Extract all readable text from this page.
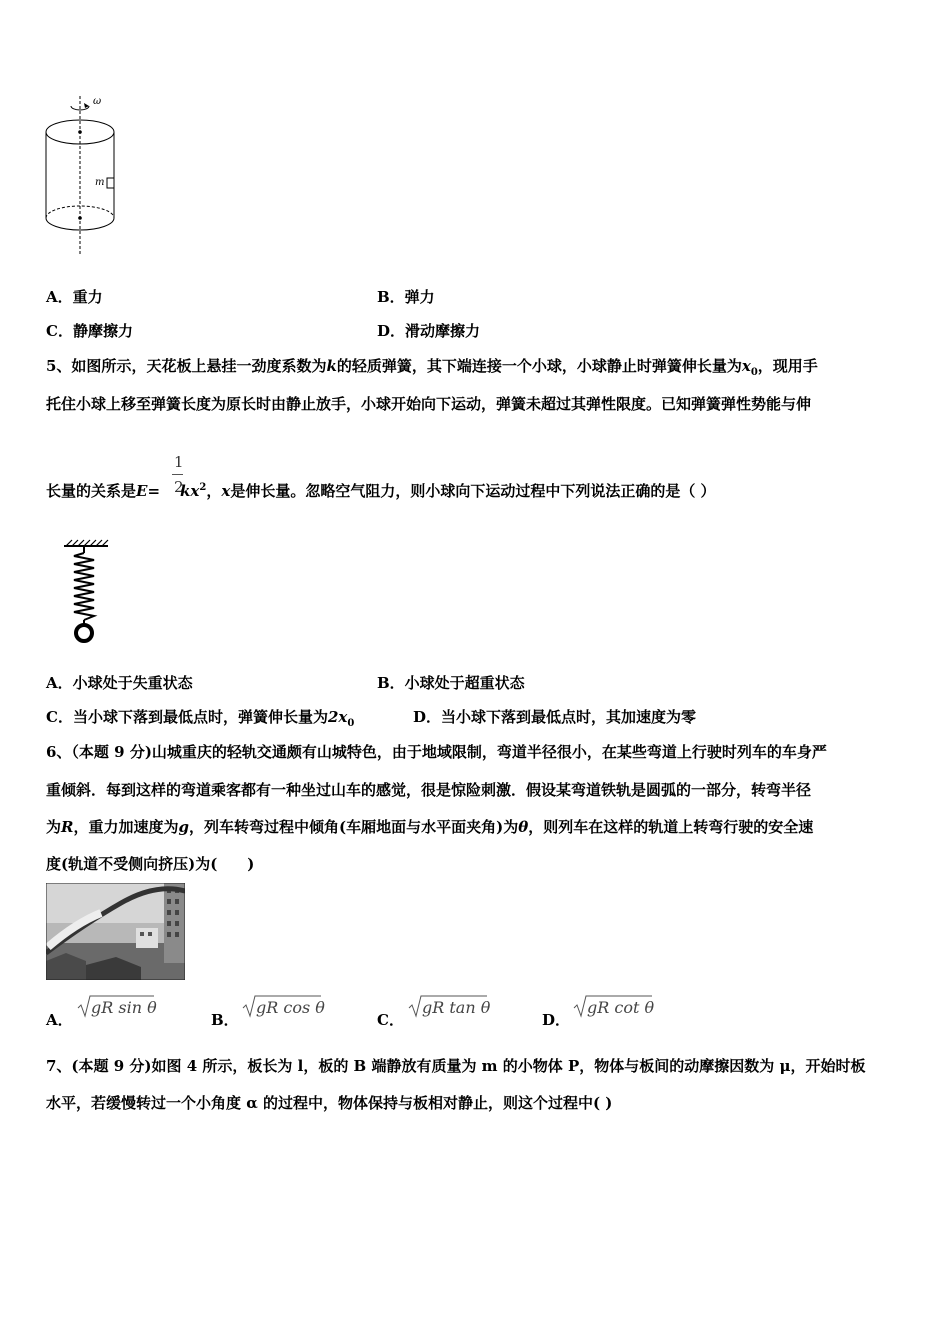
ω
m
A．重力	B．弹力
C．静摩擦力	D．滑动摩擦力
5、如图所示，天花板上悬挂一劲度系数为k的轻质弹簧，其下端连接一个小球，小球静止时弹簧伸长量为$x_0$，现用手
托住小球上移至弹簧长度为原长时由静止放手，小球开始向下运动，弹簧未超过其弹性限度。已知弹簧弹性势能与伸
1
2
长量的关系是$E= kx^2$，x是伸长量。忽略空气阻力，则小球向下运动过程中下列说法正确的是（ ）
A．小球处于失重状态	B．小球处于超重状态
C．当小球下落到最低点时，弹簧伸长量为$2x_0$	D．当小球下落到最低点时，其加速度为零
6、（本题 9 分)山城重庆的轻轨交通颇有山城特色，由于地域限制，弯道半径很小，在某些弯道上行驶时列车的车身严
重倾斜．每到这样的弯道乘客都有一种坐过山车的感觉，很是惊险刺激．假设某弯道铁轨是圆弧的一部分，转弯半径
为R，重力加速度为g，列车转弯过程中倾角(车厢地面与水平面夹角)为θ，则列车在这样的轨道上转弯行驶的安全速
度(轨道不受侧向挤压)为(　　)
A．
gR sin θ
B．
gR cos θ
C．
gR tan θ
D．
gR cot θ
7、(本题 9 分)如图 4 所示，板长为 l，板的 B 端静放有质量为 m 的小物体 P，物体与板间的动摩擦因数为 μ，开始时板
水平，若缓慢转过一个小角度 α 的过程中，物体保持与板相对静止，则这个过程中( )
